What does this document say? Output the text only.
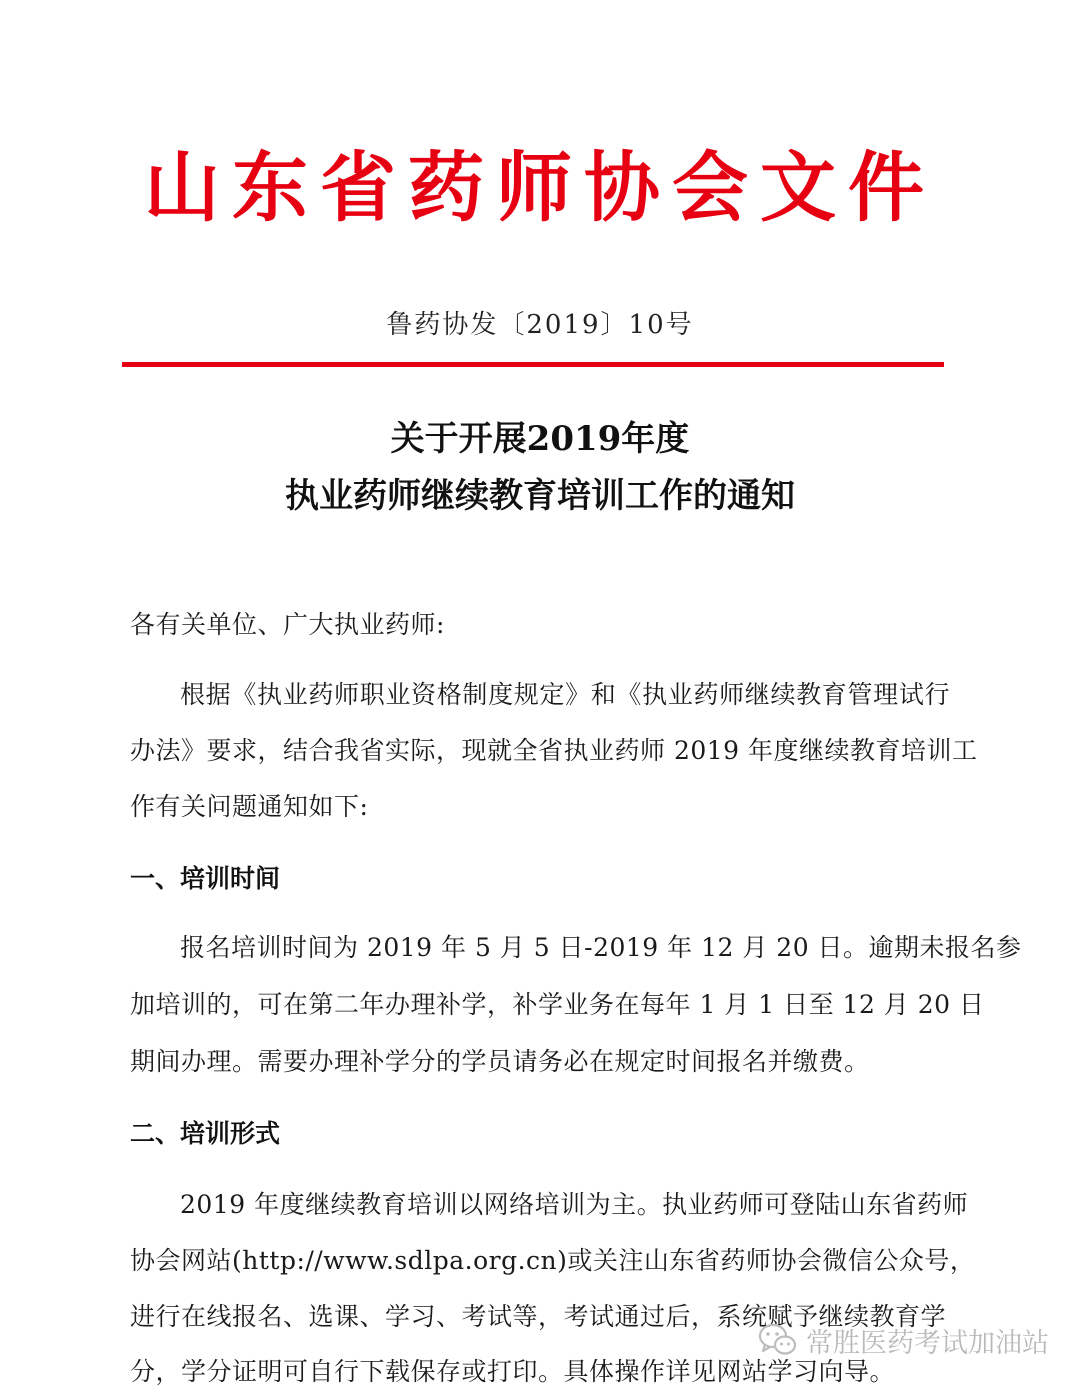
山东省药师协会文件
鲁药协发〔2019〕10号
关于开展2019年度
执业药师继续教育培训工作的通知
各有关单位、广大执业药师:
根据《执业药师职业资格制度规定》和《执业药师继续教育管理试行
办法》要求，结合我省实际，现就全省执业药师 2019 年度继续教育培训工
作有关问题通知如下:
一、培训时间
报名培训时间为 2019 年 5 月 5 日-2019 年 12 月 20 日。逾期未报名参
加培训的，可在第二年办理补学，补学业务在每年 1 月 1 日至 12 月 20 日
期间办理。需要办理补学分的学员请务必在规定时间报名并缴费。
二、培训形式
2019 年度继续教育培训以网络培训为主。执业药师可登陆山东省药师
协会网站(http://www.sdlpa.org.cn)或关注山东省药师协会微信公众号，
进行在线报名、选课、学习、考试等，考试通过后，系统赋予继续教育学
分，学分证明可自行下载保存或打印。具体操作详见网站学习向导。
常胜医药考试加油站
